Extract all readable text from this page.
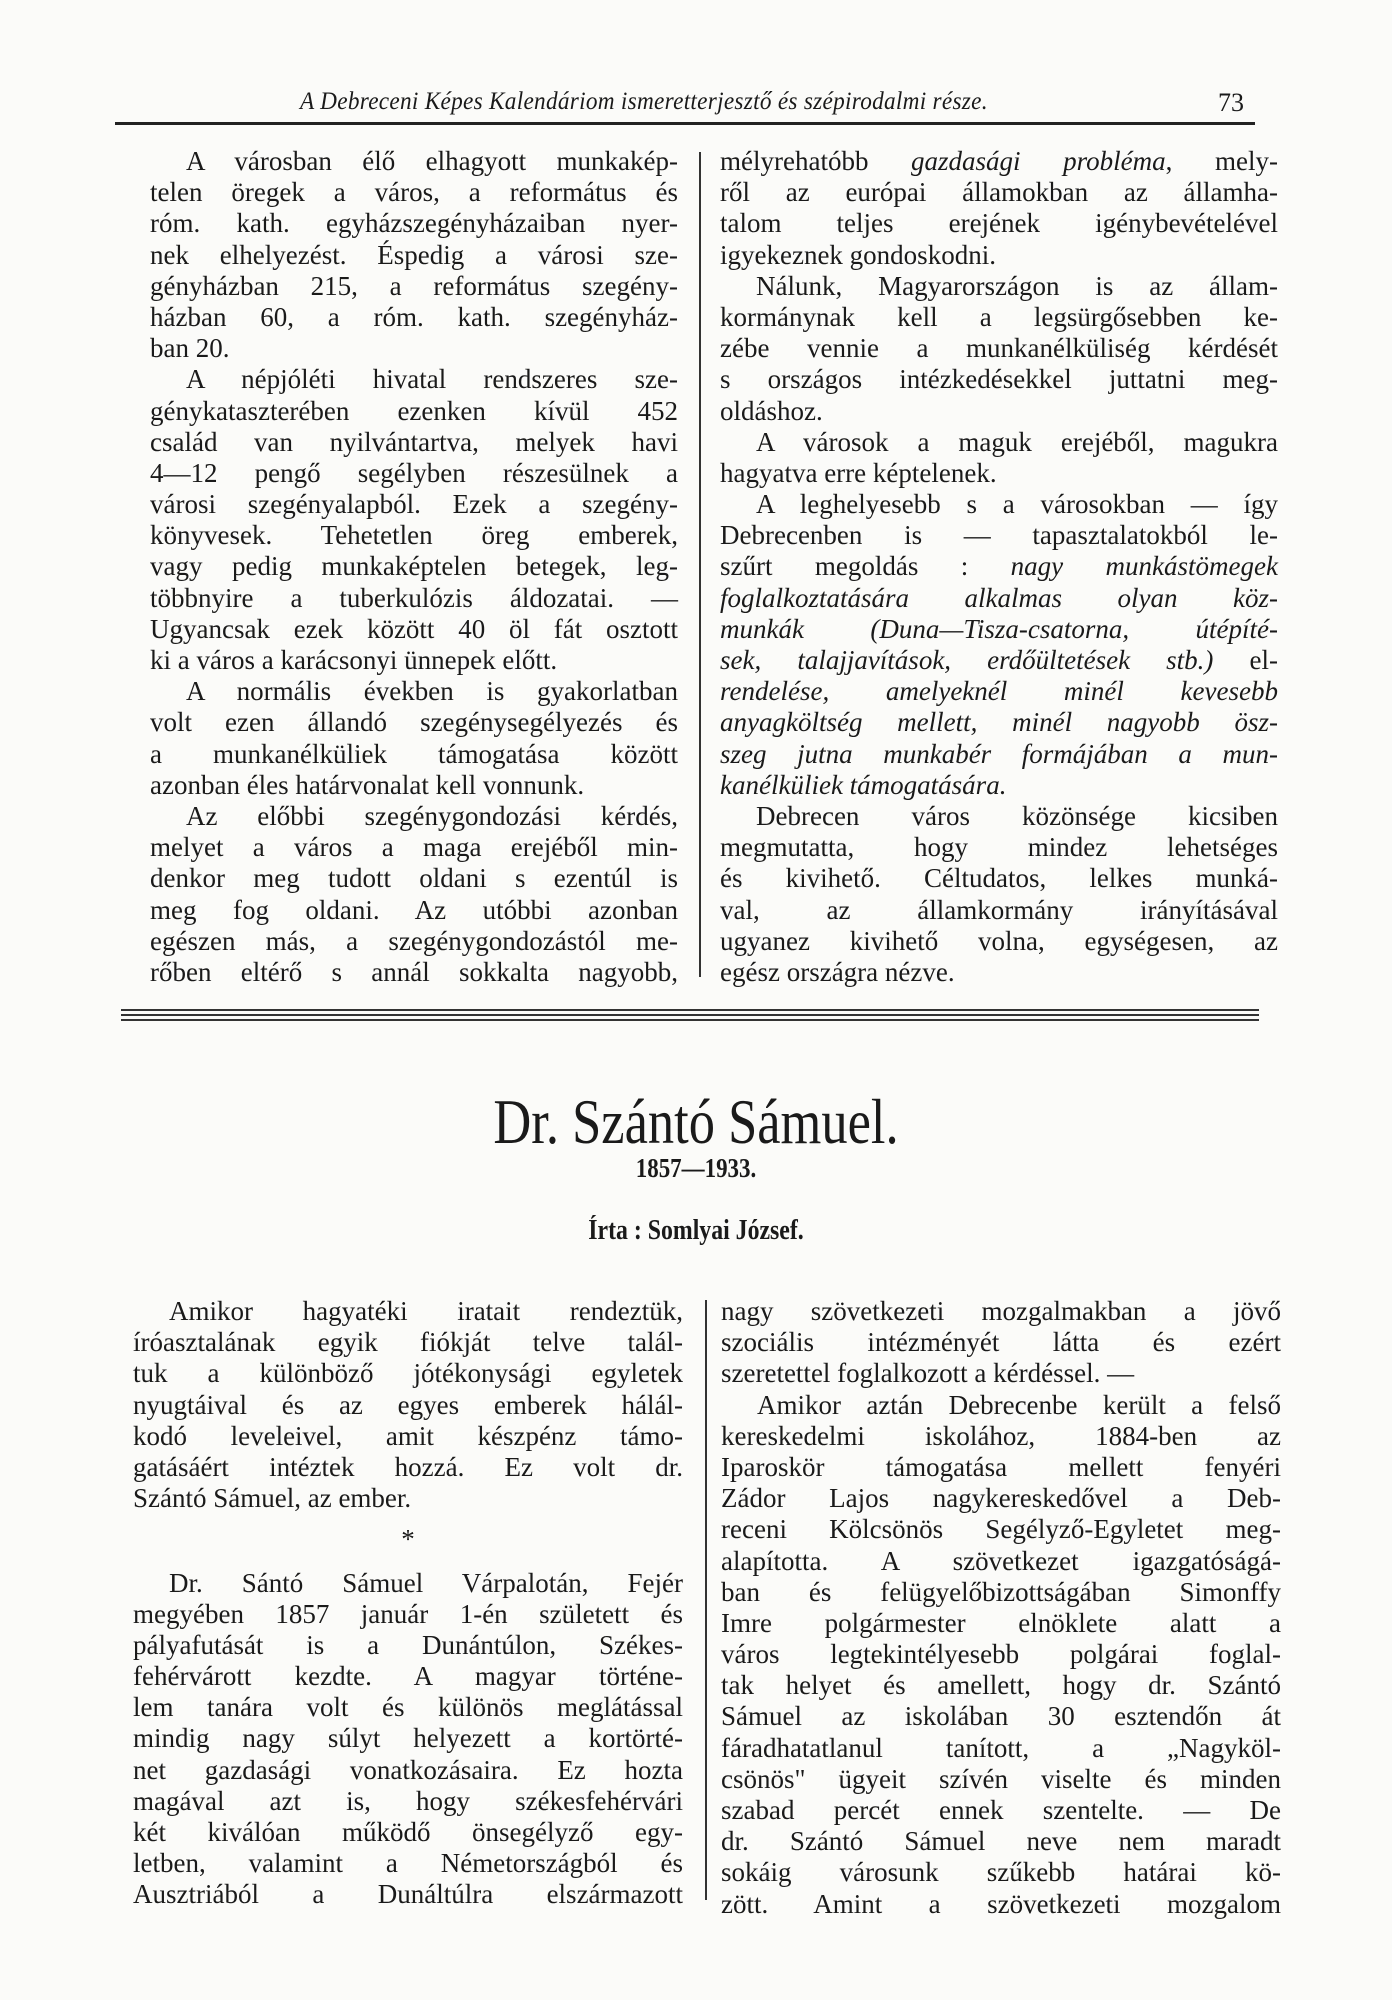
A Debreceni Képes Kalendáriom ismeretterjesztő és szépirodalmi része.	73
A városban élő elhagyott munkakép-
telen öregek a város, a református és
róm. kath. egyházszegényházaiban nyer-
nek elhelyezést. Éspedig a városi sze-
gényházban 215, a református szegény-
házban 60, a róm. kath. szegényház-
ban 20.
A népjóléti hivatal rendszeres sze-
génykataszterében ezenken kívül 452
család van nyilvántartva, melyek havi
4—12 pengő segélyben részesülnek a
városi szegényalapból. Ezek a szegény-
könyvesek. Tehetetlen öreg emberek,
vagy pedig munkaképtelen betegek, leg-
többnyire a tuberkulózis áldozatai. —
Ugyancsak ezek között 40 öl fát osztott
ki a város a karácsonyi ünnepek előtt.
A normális években is gyakorlatban
volt ezen állandó szegénysegélyezés és
a munkanélküliek támogatása között
azonban éles határvonalat kell vonnunk.
Az előbbi szegénygondozási kérdés,
melyet a város a maga erejéből min-
denkor meg tudott oldani s ezentúl is
meg fog oldani. Az utóbbi azonban
egészen más, a szegénygondozástól me-
rőben eltérő s annál sokkalta nagyobb,
mélyrehatóbb gazdasági probléma, mely-
ről az európai államokban az államha-
talom teljes erejének igénybevételével
igyekeznek gondoskodni.
Nálunk, Magyarországon is az állam-
kormánynak kell a legsürgősebben ke-
zébe vennie a munkanélküliség kérdését
s országos intézkedésekkel juttatni meg-
oldáshoz.
A városok a maguk erejéből, magukra
hagyatva erre képtelenek.
A leghelyesebb s a városokban — így
Debrecenben is — tapasztalatokból le-
szűrt megoldás : nagy munkástömegek
foglalkoztatására alkalmas olyan köz-
munkák (Duna—Tisza-csatorna, útépíté-
sek, talajjavítások, erdőültetések stb.) el-
rendelése, amelyeknél minél kevesebb
anyagköltség mellett, minél nagyobb ösz-
szeg jutna munkabér formájában a mun-
kanélküliek támogatására.
Debrecen város közönsége kicsiben
megmutatta, hogy mindez lehetséges
és kivihető. Céltudatos, lelkes munká-
val, az államkormány irányításával
ugyanez kivihető volna, egységesen, az
egész országra nézve.
Dr. Szántó Sámuel.
1857—1933.
Írta : Somlyai József.
Amikor hagyatéki iratait rendeztük,
íróasztalának egyik fiókját telve talál-
tuk a különböző jótékonysági egyletek
nyugtáival és az egyes emberek hálál-
kodó leveleivel, amit készpénz támo-
gatásáért intéztek hozzá. Ez volt dr.
Szántó Sámuel, az ember.
*
Dr. Sántó Sámuel Várpalotán, Fejér
megyében 1857 január 1-én született és
pályafutását is a Dunántúlon, Székes-
fehérvárott kezdte. A magyar történe-
lem tanára volt és különös meglátással
mindig nagy súlyt helyezett a kortörté-
net gazdasági vonatkozásaira. Ez hozta
magával azt is, hogy székesfehérvári
két kiválóan működő önsegélyző egy-
letben, valamint a Németországból és
Ausztriából a Dunáltúlra elszármazott
nagy szövetkezeti mozgalmakban a jövő
szociális intézményét látta és ezért
szeretettel foglalkozott a kérdéssel. —
Amikor aztán Debrecenbe került a felső
kereskedelmi iskolához, 1884-ben az
Iparoskör támogatása mellett fenyéri
Zádor Lajos nagykereskedővel a Deb-
receni Kölcsönös Segélyző-Egyletet meg-
alapította. A szövetkezet igazgatóságá-
ban és felügyelőbizottságában Simonffy
Imre polgármester elnöklete alatt a
város legtekintélyesebb polgárai foglal-
tak helyet és amellett, hogy dr. Szántó
Sámuel az iskolában 30 esztendőn át
fáradhatatlanul tanított, a „Nagyköl-
csönös" ügyeit szívén viselte és minden
szabad percét ennek szentelte. — De
dr. Szántó Sámuel neve nem maradt
sokáig városunk szűkebb határai kö-
zött. Amint a szövetkezeti mozgalom
